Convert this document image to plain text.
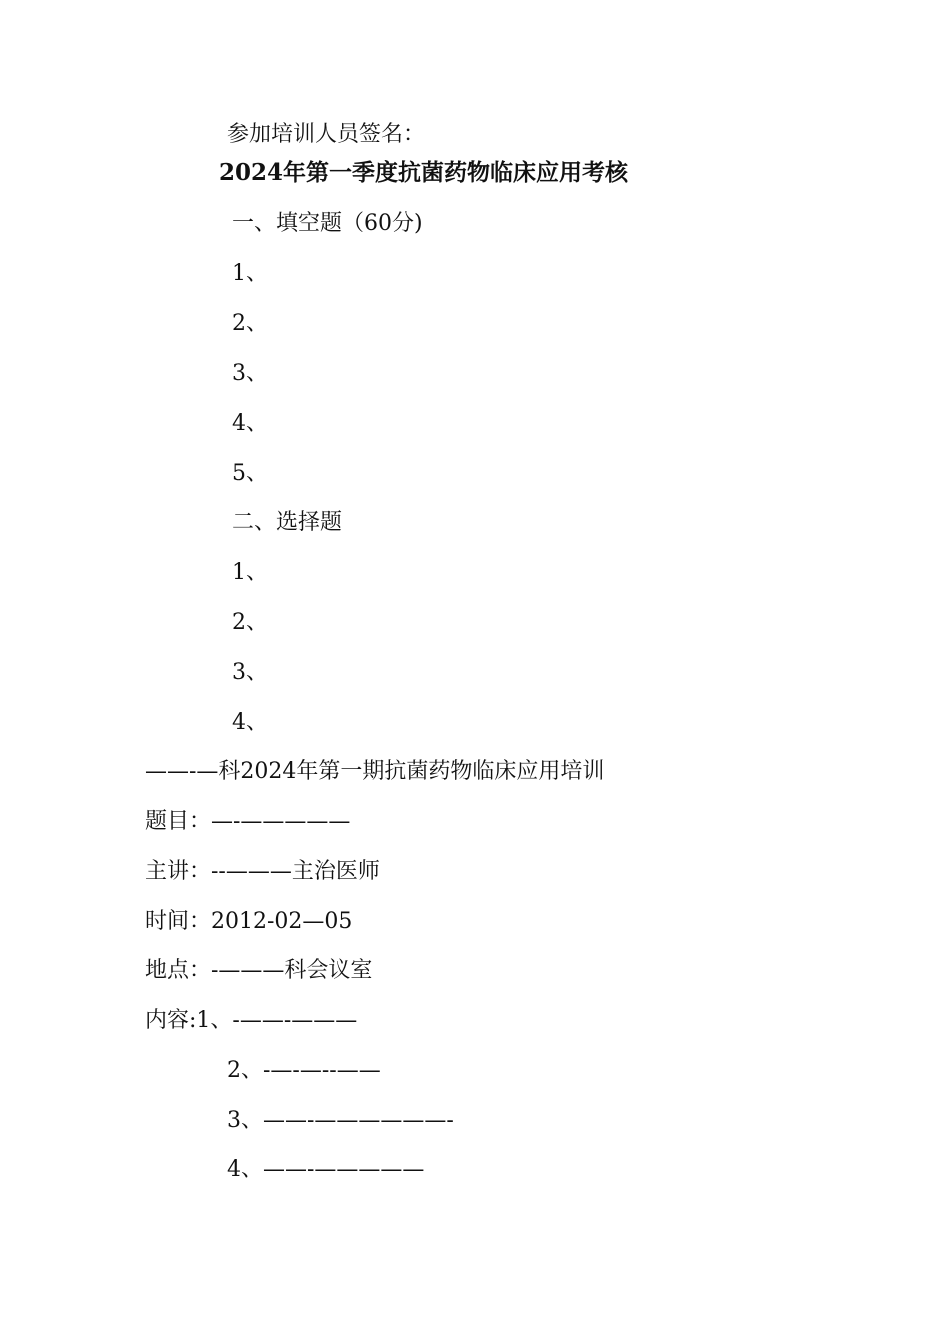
参加培训人员签名：

2024年第一季度抗菌药物临床应用考核

一、填空题（60分)

1、

2、

3、

4、

5、

二、选择题

1、

2、

3、

4、

——-—科2024年第一期抗菌药物临床应用培训

题目：—-—————

主讲：--———主治医师

时间：2012-02—05

地点：-———科会议室

内容:1、-——-———

2、-—-—--——

3、——-——————-

4、——-—————
